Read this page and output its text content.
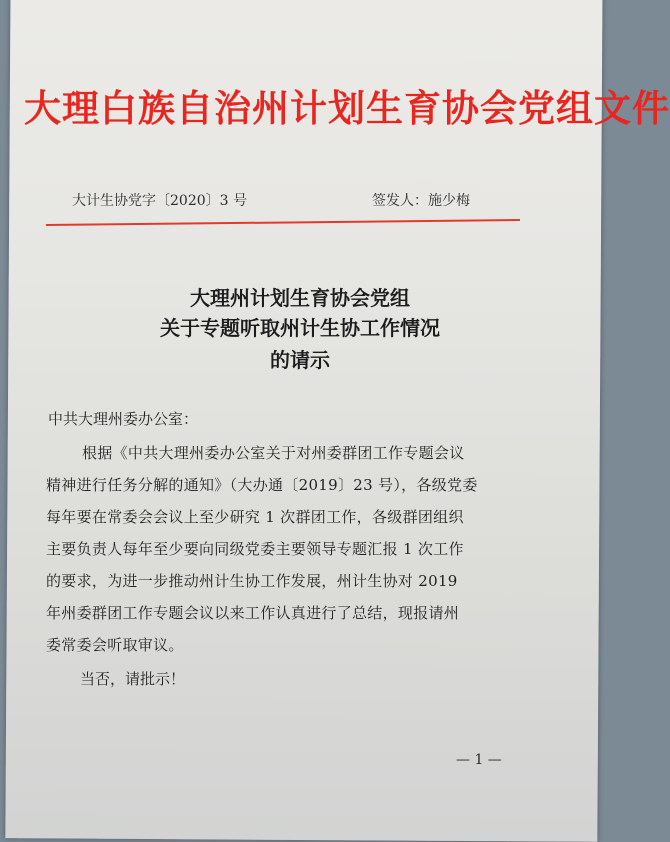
大理白族自治州计划生育协会党组文件
大计生协党字〔2020〕3 号	签发人：施少梅
大理州计划生育协会党组
关于专题听取州计生协工作情况
的请示
中共大理州委办公室：
根据《中共大理州委办公室关于对州委群团工作专题会议
精神进行任务分解的通知》（大办通〔2019〕23 号），各级党委
每年要在常委会会议上至少研究 1 次群团工作，各级群团组织
主要负责人每年至少要向同级党委主要领导专题汇报 1 次工作
的要求，为进一步推动州计生协工作发展，州计生协对 2019
年州委群团工作专题会议以来工作认真进行了总结，现报请州
委常委会听取审议。
当否，请批示！
— 1 —
